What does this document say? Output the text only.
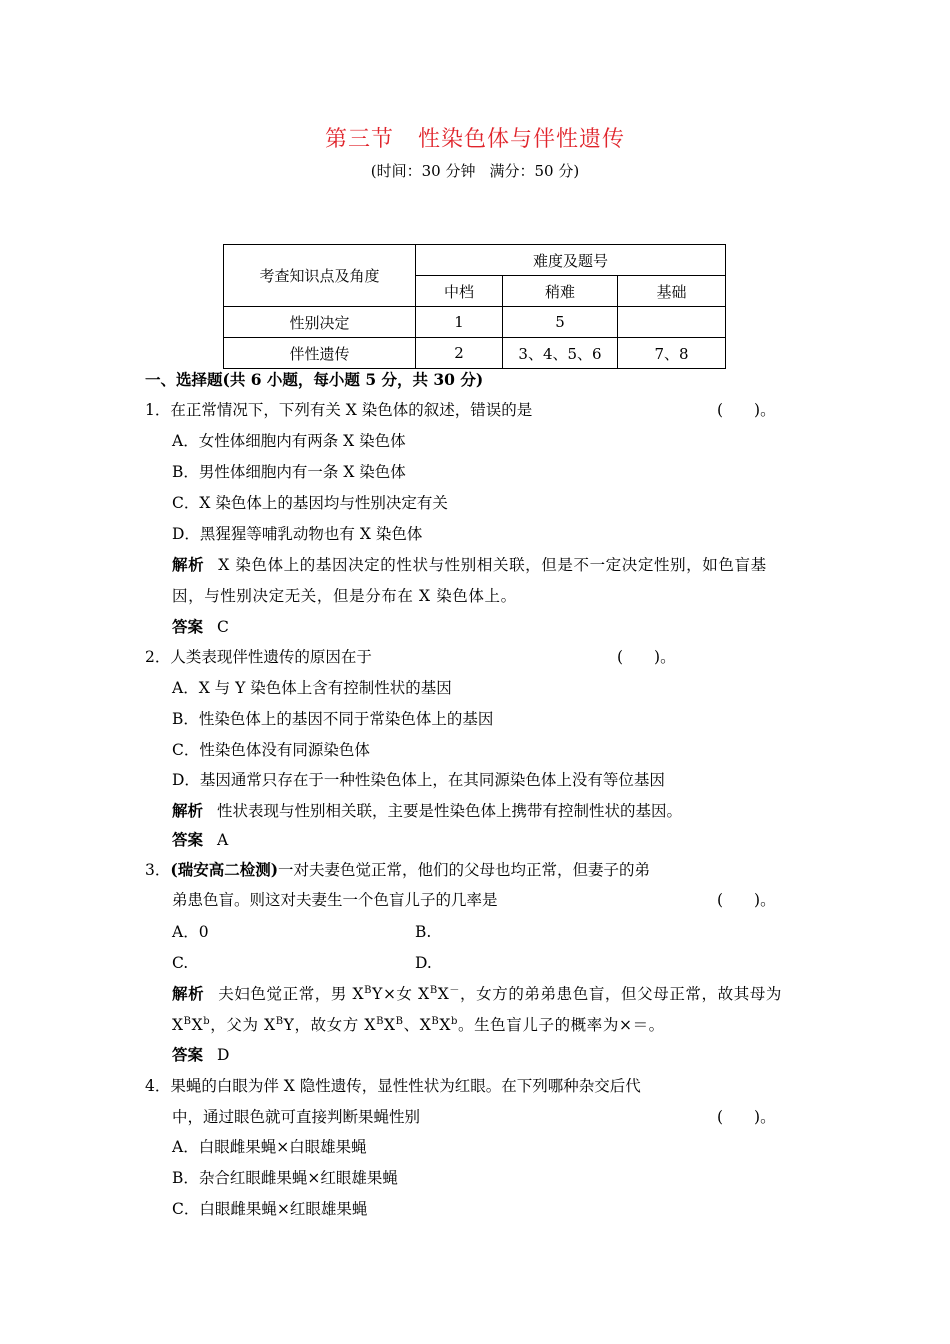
第三节 性染色体与伴性遗传
(时间：30 分钟 满分：50 分)
考查知识点及角度	难度及题号		
	中档	稍难	基础
性别决定	1	5	
伴性遗传	2	3、4、5、6	7、8
一、选择题(共 6 小题，每小题 5 分，共 30 分)
1．在正常情况下，下列有关 X 染色体的叙述，错误的是	(　　)。
A．女性体细胞内有两条 X 染色体
B．男性体细胞内有一条 X 染色体
C．X 染色体上的基因均与性别决定有关
D．黑猩猩等哺乳动物也有 X 染色体
解析 X 染色体上的基因决定的性状与性别相关联，但是不一定决定性别，如色盲基
因，与性别决定无关，但是分布在 X 染色体上。
答案 C
2．人类表现伴性遗传的原因在于	(　　)。
A．X 与 Y 染色体上含有控制性状的基因
B．性染色体上的基因不同于常染色体上的基因
C．性染色体没有同源染色体
D．基因通常只存在于一种性染色体上，在其同源染色体上没有等位基因
解析 性状表现与性别相关联，主要是性染色体上携带有控制性状的基因。
答案 A
3．(瑞安高二检测)一对夫妻色觉正常，他们的父母也均正常，但妻子的弟
弟患色盲。则这对夫妻生一个色盲儿子的几率是	(　　)。
A．0	B.
C.	D.
解析 夫妇色觉正常，男 $X^BY\times$女 $X^BX^-$，女方的弟弟患色盲，但父母正常，故其母为
$X^BX^b$，父为 $X^BY$，故女方 $X^BX^B$、$X^BX^b$。生色盲儿子的概率为×＝。
答案 D
4．果蝇的白眼为伴 X 隐性遗传，显性性状为红眼。在下列哪种杂交后代
中，通过眼色就可直接判断果蝇性别	(　　)。
A．白眼雌果蝇×白眼雄果蝇
B．杂合红眼雌果蝇×红眼雄果蝇
C．白眼雌果蝇×红眼雄果蝇
